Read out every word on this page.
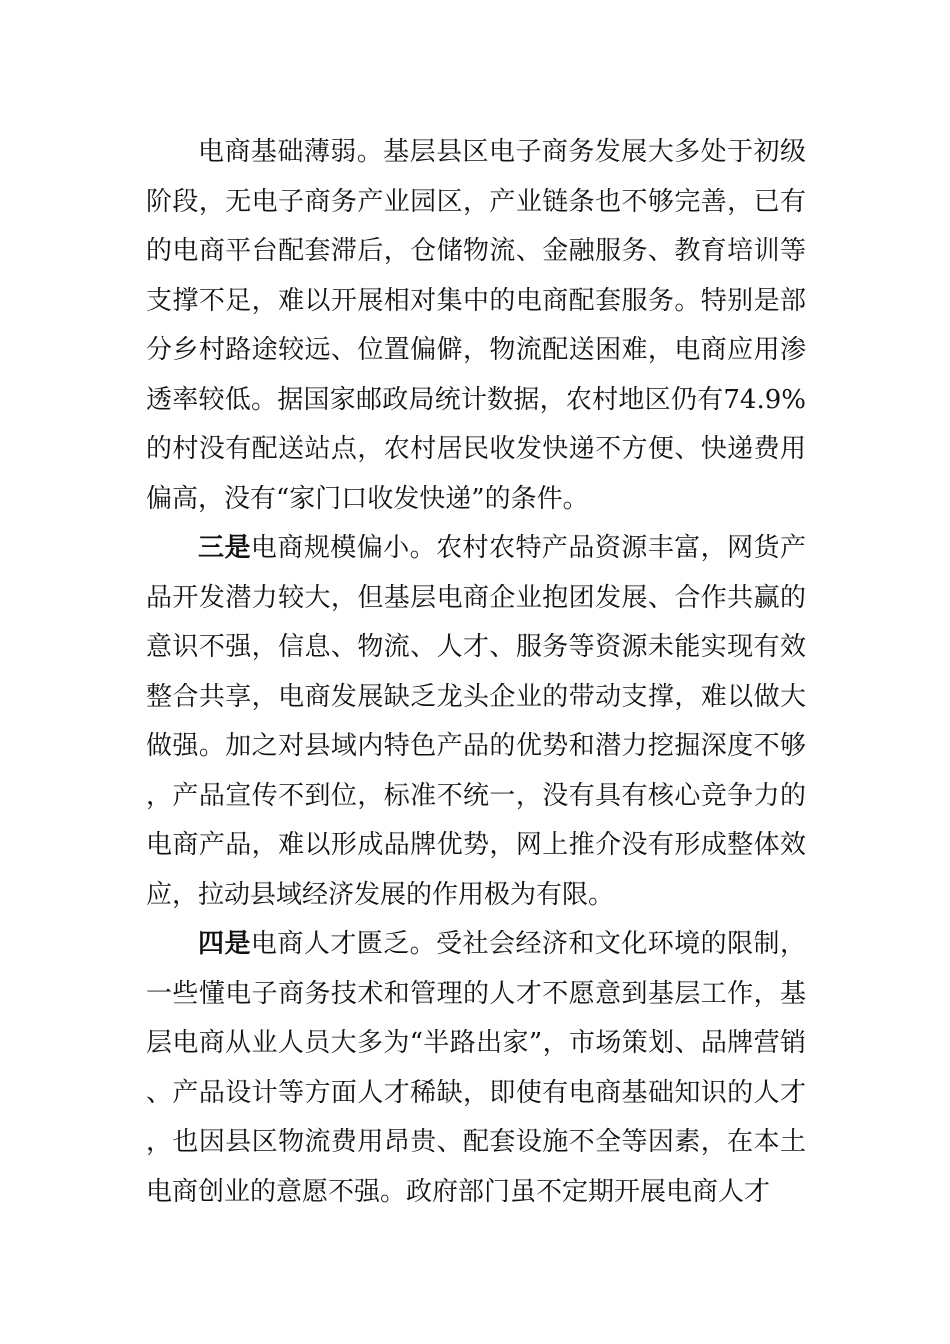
电商基础薄弱。基层县区电子商务发展大多处于初级阶段，无电子商务产业园区，产业链条也不够完善，已有的电商平台配套滞后，仓储物流、金融服务、教育培训等支撑不足，难以开展相对集中的电商配套服务。特别是部分乡村路途较远、位置偏僻，物流配送困难，电商应用渗透率较低。据国家邮政局统计数据，农村地区仍有74.9%的村没有配送站点，农村居民收发快递不方便、快递费用偏高，没有“家门口收发快递”的条件。

三是电商规模偏小。农村农特产品资源丰富，网货产品开发潜力较大，但基层电商企业抱团发展、合作共赢的意识不强，信息、物流、人才、服务等资源未能实现有效整合共享，电商发展缺乏龙头企业的带动支撑，难以做大做强。加之对县域内特色产品的优势和潜力挖掘深度不够，产品宣传不到位，标准不统一，没有具有核心竞争力的电商产品，难以形成品牌优势，网上推介没有形成整体效应，拉动县域经济发展的作用极为有限。

四是电商人才匮乏。受社会经济和文化环境的限制，一些懂电子商务技术和管理的人才不愿意到基层工作，基层电商从业人员大多为“半路出家”，市场策划、品牌营销、产品设计等方面人才稀缺，即使有电商基础知识的人才，也因县区物流费用昂贵、配套设施不全等因素，在本土电商创业的意愿不强。政府部门虽不定期开展电商人才
